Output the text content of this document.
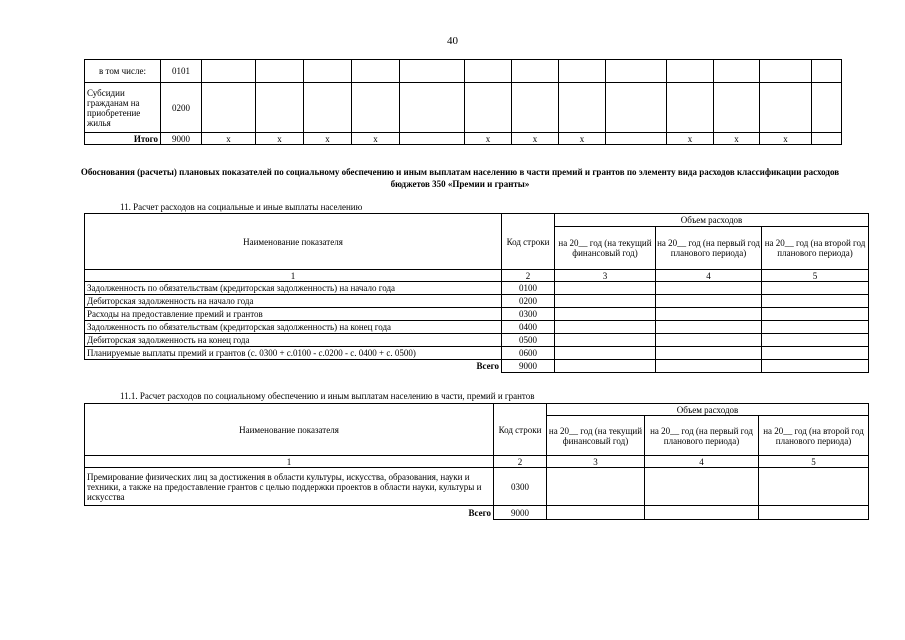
40
в том числе:	0101													
Субсидии гражданам на приобретение жилья	0200													
Итого	9000	x	x	x	x		x	x	x		x	x	x	
Обоснования (расчеты) плановых показателей по социальному обеспечению и иным выплатам населению в части премий и грантов по элементу вида расходов классификации расходов бюджетов 350 «Премии и гранты»
11. Расчет расходов на социальные и иные выплаты населению
Наименование показателя	Код строки	Объем расходов		
		на 20__ год (на текущий финансовый год)	на 20__ год (на первый год планового периода)	на 20__ год (на второй год планового периода)
1	2	3	4	5
Задолженность по обязательствам (кредиторская задолженность) на начало года	0100			
Дебиторская задолженность на начало года	0200			
Расходы на предоставление премий и грантов	0300			
Задолженность по обязательствам (кредиторская задолженность) на конец года	0400			
Дебиторская задолженность на конец года	0500			
Планируемые выплаты премий и грантов (с. 0300 + с.0100 - с.0200 - с. 0400 + с. 0500)	0600			
Всего	9000			
11.1. Расчет расходов по социальному обеспечению и иным выплатам населению в части, премий и грантов
Наименование показателя	Код строки	Объем расходов		
		на 20__ год (на текущий финансовый год)	на 20__ год (на первый год планового периода)	на 20__ год (на второй год планового периода)
1	2	3	4	5
Премирование физических лиц за достижения в области культуры, искусства, образования, науки и техники, а также на предоставление грантов с целью поддержки проектов в области науки, культуры и искусства	0300			
Всего	9000			
